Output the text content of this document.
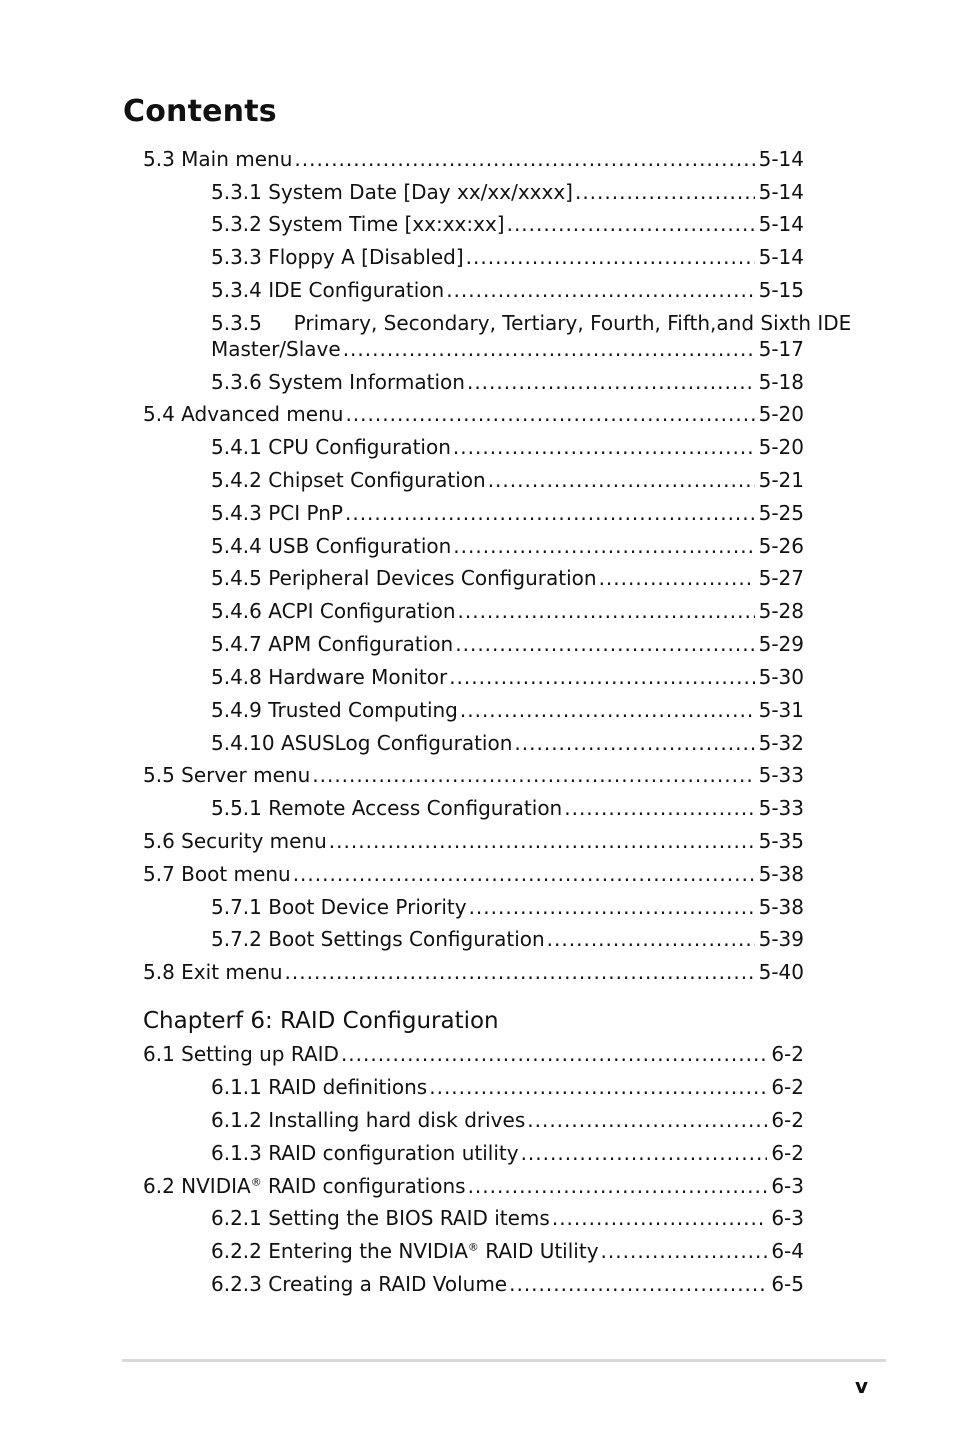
Contents
5.3 Main menu .....	5-14
5.3.1 System Date [Day xx/xx/xxxx] .....	5-14
5.3.2 System Time [xx:xx:xx] .....	5-14
5.3.3 Floppy A [Disabled] .....	5-14
5.3.4 IDE Configuration .....	5-15
5.3.5     Primary, Secondary, Tertiary, Fourth, Fifth,and Sixth IDE
Master/Slave .....	5-17
5.3.6 System Information .....	5-18
5.4 Advanced menu .....	5-20
5.4.1 CPU Configuration .....	5-20
5.4.2 Chipset Configuration .....	5-21
5.4.3 PCI PnP .....	5-25
5.4.4 USB Configuration .....	5-26
5.4.5 Peripheral Devices Configuration .....	5-27
5.4.6 ACPI Configuration .....	5-28
5.4.7 APM Configuration .....	5-29
5.4.8 Hardware Monitor .....	5-30
5.4.9 Trusted Computing .....	5-31
5.4.10 ASUSLog Configuration .....	5-32
5.5 Server menu .....	5-33
5.5.1 Remote Access Configuration .....	5-33
5.6 Security menu .....	5-35
5.7 Boot menu .....	5-38
5.7.1 Boot Device Priority .....	5-38
5.7.2 Boot Settings Configuration .....	5-39
5.8 Exit menu .....	5-40
Chapterf 6: RAID Configuration
6.1 Setting up RAID .....	6-2
6.1.1 RAID definitions .....	6-2
6.1.2 Installing hard disk drives .....	6-2
6.1.3 RAID configuration utility .....	6-2
6.2 NVIDIA® RAID configurations .....	6-3
6.2.1 Setting the BIOS RAID items .....	6-3
6.2.2 Entering the NVIDIA® RAID Utility .....	6-4
6.2.3 Creating a RAID Volume .....	6-5
v
